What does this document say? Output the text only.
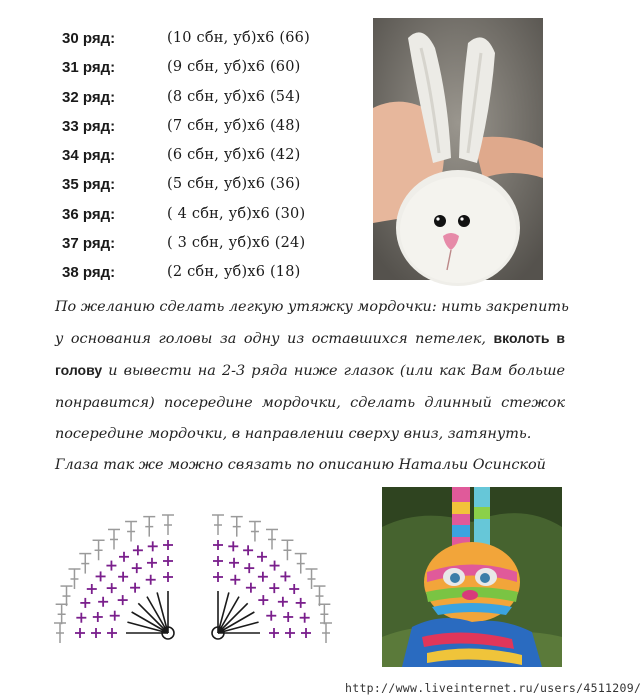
30 ряд:	(10 сбн, уб)х6 (66)
31 ряд:	(9 сбн, уб)х6 (60)
32 ряд:	(8 сбн, уб)х6 (54)
33 ряд:	(7 сбн, уб)х6 (48)
34 ряд:	(6 сбн, уб)х6 (42)
35 ряд:	(5 сбн, уб)х6 (36)
36 ряд:	( 4 сбн, уб)х6 (30)
37 ряд:	( 3 сбн, уб)х6 (24)
38 ряд:	(2 сбн, уб)х6 (18)
По желанию сделать легкую утяжку мордочки: нить закрепить
у основания головы за одну из оставшихся петелек, вколоть в
голову и вывести на 2-3 ряда ниже глазок (или как Вам больше
понравится) посередине мордочки, сделать длинный стежок
посередине мордочки, в направлении сверху вниз, затянуть.
Глаза так же можно связать по описанию Натальи Осинской
http://www.liveinternet.ru/users/4511209/
